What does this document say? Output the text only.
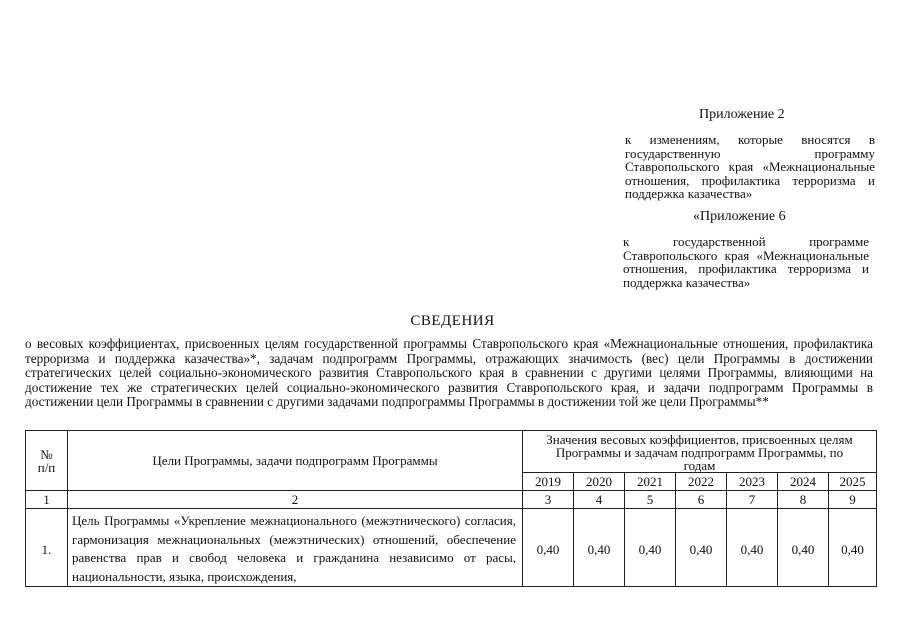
Приложение 2
к изменениям, которые вносятся в государственную программу Ставропольского края «Межнациональные отношения, профилактика терроризма и поддержка казачества»
«Приложение 6
к государственной программе Ставропольского края «Межнациональные отношения, профилактика терроризма и поддержка казачества»
СВЕДЕНИЯ
о весовых коэффициентах, присвоенных целям государственной программы Ставропольского края «Межнациональные отношения, профилактика терроризма и поддержка казачества»*, задачам подпрограмм Программы, отражающих значимость (вес) цели Программы в достижении стратегических целей социально-экономического развития Ставропольского края в сравнении с другими целями Программы, влияющими на достижение тех же стратегических целей социально-экономического развития Ставропольского края, и задачи подпрограмм Программы в достижении цели Программы в сравнении с другими задачами подпрограммы Программы в достижении той же цели Программы**
№ п/п	Цели Программы, задачи подпрограмм Программы	Значения весовых коэффициентов, присвоенных целям Программы и задачам подпрограмм Программы, по годам						
		2019	2020	2021	2022	2023	2024	2025
1	2	3	4	5	6	7	8	9
1.	Цель Программы «Укрепление межнационального (межэтнического) согласия, гармонизация межнациональных (межэтнических) отношений, обеспечение равенства прав и свобод человека и гражданина независимо от расы, национальности, языка, происхождения,	0,40	0,40	0,40	0,40	0,40	0,40	0,40
